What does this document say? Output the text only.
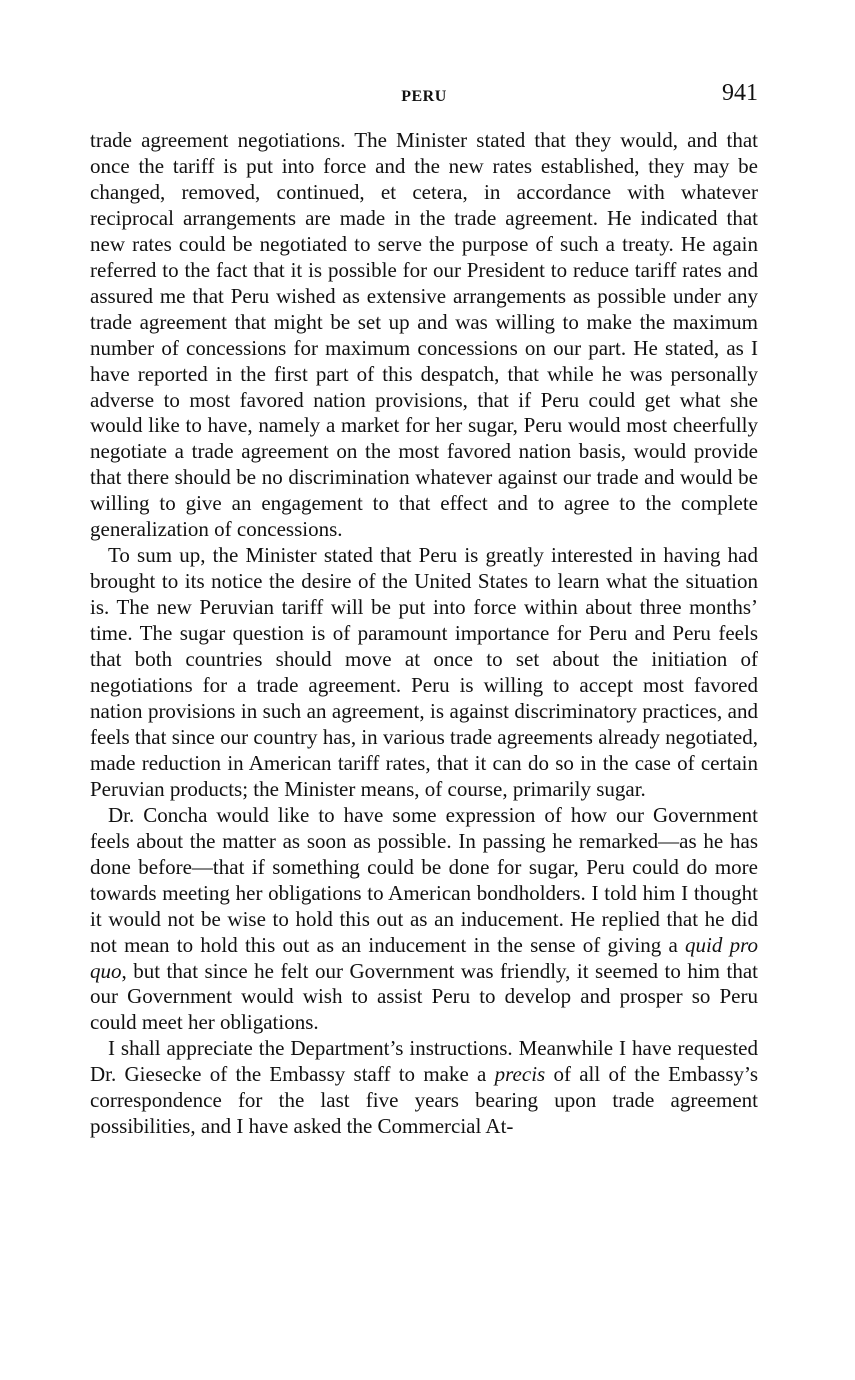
PERU	941

trade agreement negotiations. The Minister stated that they would, and that once the tariff is put into force and the new rates established, they may be changed, removed, continued, et cetera, in accordance with whatever reciprocal arrangements are made in the trade agreement. He indicated that new rates could be negotiated to serve the purpose of such a treaty. He again referred to the fact that it is possible for our President to reduce tariff rates and assured me that Peru wished as extensive arrangements as possible under any trade agreement that might be set up and was willing to make the maximum number of concessions for maximum concessions on our part. He stated, as I have reported in the first part of this despatch, that while he was personally adverse to most favored nation provisions, that if Peru could get what she would like to have, namely a market for her sugar, Peru would most cheerfully negotiate a trade agreement on the most favored nation basis, would provide that there should be no discrimination whatever against our trade and would be willing to give an engagement to that effect and to agree to the complete generalization of concessions.

To sum up, the Minister stated that Peru is greatly interested in having had brought to its notice the desire of the United States to learn what the situation is. The new Peruvian tariff will be put into force within about three months’ time. The sugar question is of paramount importance for Peru and Peru feels that both countries should move at once to set about the initiation of negotiations for a trade agreement. Peru is willing to accept most favored nation provisions in such an agreement, is against discriminatory practices, and feels that since our country has, in various trade agreements already negotiated, made reduction in American tariff rates, that it can do so in the case of certain Peruvian products; the Minister means, of course, primarily sugar.

Dr. Concha would like to have some expression of how our Government feels about the matter as soon as possible. In passing he remarked—as he has done before—that if something could be done for sugar, Peru could do more towards meeting her obligations to American bondholders. I told him I thought it would not be wise to hold this out as an inducement. He replied that he did not mean to hold this out as an inducement in the sense of giving a quid pro quo, but that since he felt our Government was friendly, it seemed to him that our Government would wish to assist Peru to develop and prosper so Peru could meet her obligations.

I shall appreciate the Department’s instructions. Meanwhile I have requested Dr. Giesecke of the Embassy staff to make a precis of all of the Embassy’s correspondence for the last five years bearing upon trade agreement possibilities, and I have asked the Commercial At-
